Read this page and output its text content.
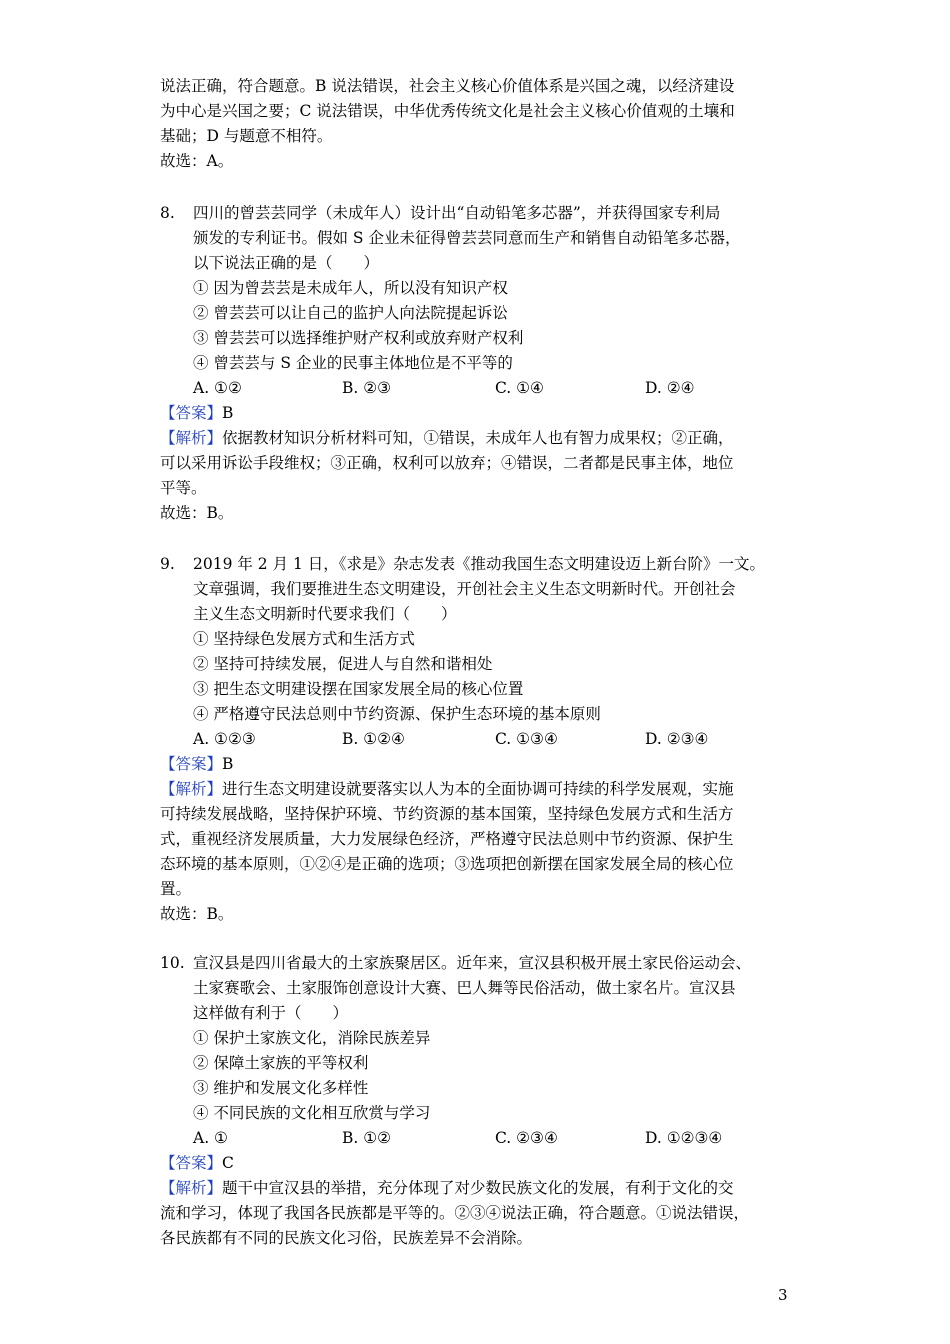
说法正确，符合题意。B 说法错误，社会主义核心价值体系是兴国之魂，以经济建设
为中心是兴国之要；C 说法错误，中华优秀传统文化是社会主义核心价值观的土壤和
基础；D 与题意不相符。
故选：A。
8. 四川的曾芸芸同学（未成年人）设计出“自动铅笔多芯器”，并获得国家专利局
颁发的专利证书。假如 S 企业未征得曾芸芸同意而生产和销售自动铅笔多芯器，
以下说法正确的是（　　）
① 因为曾芸芸是未成年人，所以没有知识产权
② 曾芸芸可以让自己的监护人向法院提起诉讼
③ 曾芸芸可以选择维护财产权利或放弃财产权利
④ 曾芸芸与 S 企业的民事主体地位是不平等的
A. ①②	B. ②③	C. ①④	D. ②④
【答案】B
【解析】依据教材知识分析材料可知，①错误，未成年人也有智力成果权；②正确，
可以采用诉讼手段维权；③正确，权利可以放弃；④错误，二者都是民事主体，地位
平等。
故选：B。
9. 2019 年 2 月 1 日，《求是》杂志发表《推动我国生态文明建设迈上新台阶》一文。
文章强调，我们要推进生态文明建设，开创社会主义生态文明新时代。开创社会
主义生态文明新时代要求我们（　　）
① 坚持绿色发展方式和生活方式
② 坚持可持续发展，促进人与自然和谐相处
③ 把生态文明建设摆在国家发展全局的核心位置
④ 严格遵守民法总则中节约资源、保护生态环境的基本原则
A. ①②③	B. ①②④	C. ①③④	D. ②③④
【答案】B
【解析】进行生态文明建设就要落实以人为本的全面协调可持续的科学发展观，实施
可持续发展战略，坚持保护环境、节约资源的基本国策，坚持绿色发展方式和生活方
式，重视经济发展质量，大力发展绿色经济，严格遵守民法总则中节约资源、保护生
态环境的基本原则，①②④是正确的选项；③选项把创新摆在国家发展全局的核心位
置。
故选：B。
10. 宣汉县是四川省最大的土家族聚居区。近年来，宣汉县积极开展土家民俗运动会、
土家赛歌会、土家服饰创意设计大赛、巴人舞等民俗活动，做土家名片。宣汉县
这样做有利于（　　）
① 保护土家族文化，消除民族差异
② 保障土家族的平等权利
③ 维护和发展文化多样性
④ 不同民族的文化相互欣赏与学习
A. ①	B. ①②	C. ②③④	D. ①②③④
【答案】C
【解析】题干中宣汉县的举措，充分体现了对少数民族文化的发展，有利于文化的交
流和学习，体现了我国各民族都是平等的。②③④说法正确，符合题意。①说法错误，
各民族都有不同的民族文化习俗，民族差异不会消除。
3
